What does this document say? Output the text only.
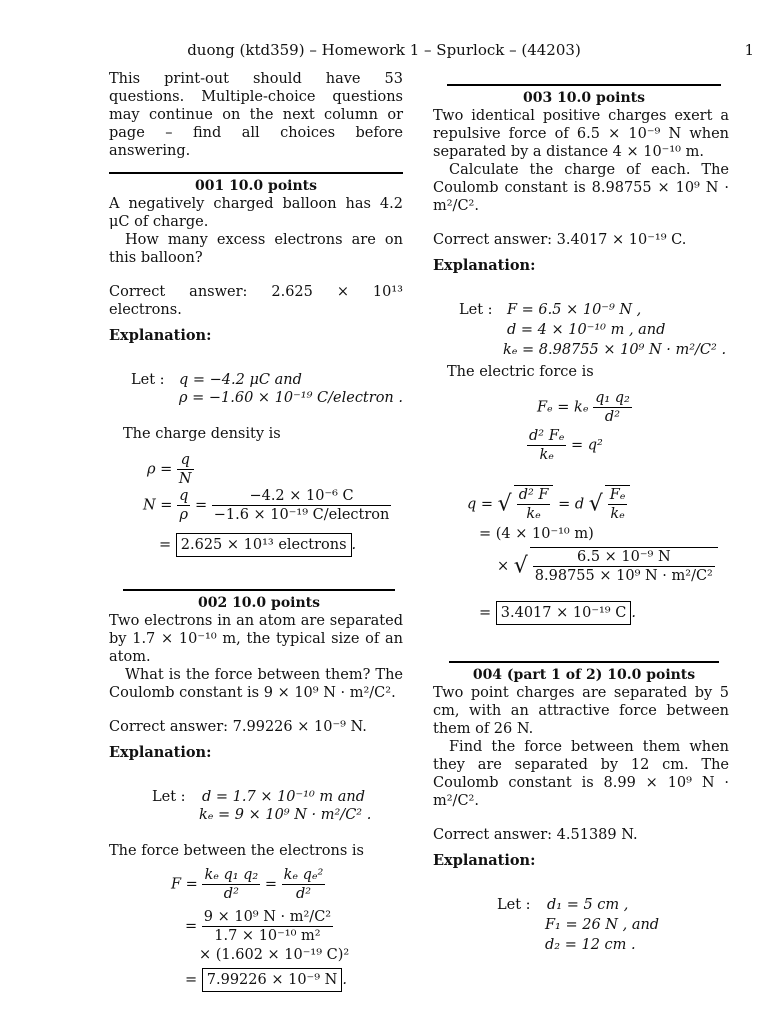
duong (ktd359) – Homework 1 – Spurlock – (44203)	1

This print-out should have 53 questions. Multiple-choice questions may continue on the next column or page – find all choices before answering.

001 10.0 points

A negatively charged balloon has 4.2 μC of charge.

How many excess electrons are on this balloon?

Correct answer: 2.625 × 10¹³ electrons.

Explanation:

Let : q = −4.2 μC and
ρ = −1.60 × 10⁻¹⁹ C/electron .

The charge density is

$\rho = \frac{q}{N}$
$N = \frac{q}{\rho} = \frac{\text{−4.2 × 10⁻⁶ C}}{\text{−1.6 × 10⁻¹⁹ C/electron}}$
= 2.625 × 10¹³ electrons .
002 10.0 points

Two electrons in an atom are separated by 1.7 × 10⁻¹⁰ m, the typical size of an atom.

What is the force between them? The Coulomb constant is 9 × 10⁹ N · m²/C².

Correct answer: 7.99226 × 10⁻⁹ N.

Explanation:

Let : d = 1.7 × 10⁻¹⁰ m and
kₑ = 9 × 10⁹ N · m²/C² .

The force between the electrons is

$F = \frac{\text{kₑ q₁ q₂}}{\text{d²}} = \frac{\text{kₑ qₑ²}}{\text{d²}}$
= $\frac{\text{9 × 10⁹ N · m²/C²}}{\text{1.7 × 10⁻¹⁰ m²}}$
× (1.602 × 10⁻¹⁹ C)²
= 7.99226 × 10⁻⁹ N .
003 10.0 points

Two identical positive charges exert a repulsive force of 6.5 × 10⁻⁹ N when separated by a distance 4 × 10⁻¹⁰ m.

Calculate the charge of each. The Coulomb constant is 8.98755 × 10⁹ N · m²/C².

Correct answer: 3.4017 × 10⁻¹⁹ C.

Explanation:

Let : F = 6.5 × 10⁻⁹ N ,
d = 4 × 10⁻¹⁰ m , and
kₑ = 8.98755 × 10⁹ N · m²/C² .

The electric force is

Fₑ = kₑ $\frac{\text{q₁ q₂}}{\text{d²}}$
$\frac{\text{d² Fₑ}}{\text{kₑ}} = q^2$
q = √ $\frac{\text{d² F}}{\text{kₑ}} = d$ √ $\frac{\text{Fₑ}}{\text{kₑ}}$
= (4 × 10⁻¹⁰ m)
× √ $\frac{\text{6.5 × 10⁻⁹ N}}{\text{8.98755 × 10⁹ N · m²/C²}}$
= 3.4017 × 10⁻¹⁹ C .
004 (part 1 of 2) 10.0 points

Two point charges are separated by 5 cm, with an attractive force between them of 26 N.

Find the force between them when they are separated by 12 cm. The Coulomb constant is 8.99 × 10⁹ N · m²/C².

Correct answer: 4.51389 N.

Explanation:

Let : d₁ = 5 cm ,
F₁ = 26 N , and
d₂ = 12 cm .
